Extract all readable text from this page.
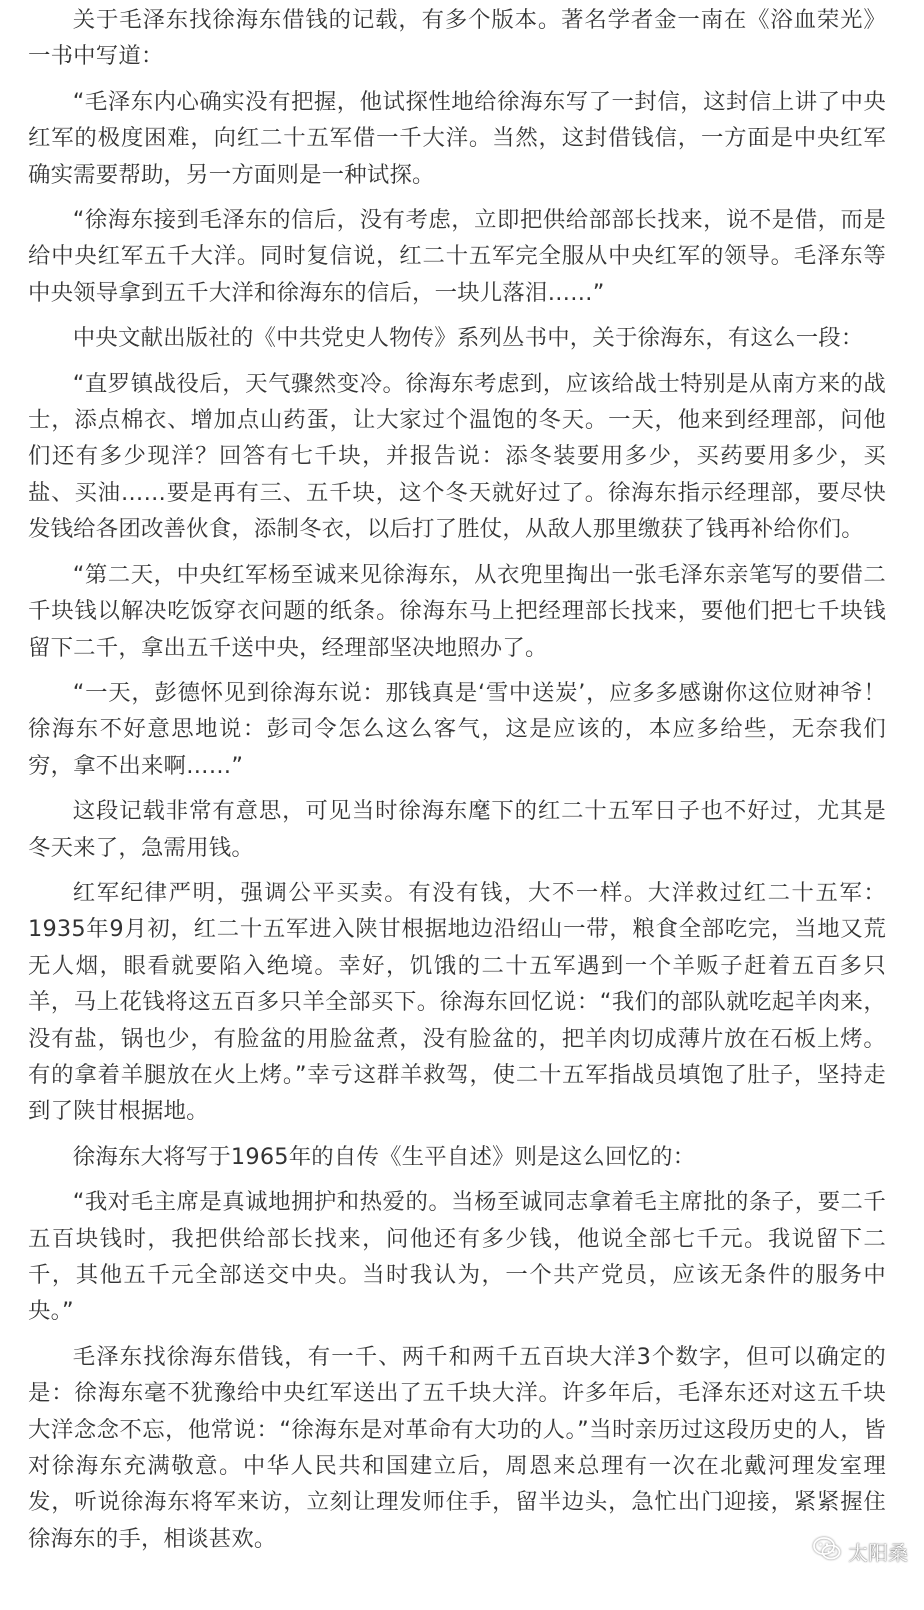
关于毛泽东找徐海东借钱的记载，有多个版本。著名学者金一南在《浴血荣光》一书中写道：

“毛泽东内心确实没有把握，他试探性地给徐海东写了一封信，这封信上讲了中央红军的极度困难，向红二十五军借一千大洋。当然，这封借钱信，一方面是中央红军确实需要帮助，另一方面则是一种试探。

“徐海东接到毛泽东的信后，没有考虑，立即把供给部部长找来，说不是借，而是给中央红军五千大洋。同时复信说，红二十五军完全服从中央红军的领导。毛泽东等中央领导拿到五千大洋和徐海东的信后，一块儿落泪……”

中央文献出版社的《中共党史人物传》系列丛书中，关于徐海东，有这么一段：

“直罗镇战役后，天气骤然变冷。徐海东考虑到，应该给战士特别是从南方来的战士，添点棉衣、增加点山药蛋，让大家过个温饱的冬天。一天，他来到经理部，问他们还有多少现洋？回答有七千块，并报告说：添冬装要用多少，买药要用多少，买盐、买油……要是再有三、五千块，这个冬天就好过了。徐海东指示经理部，要尽快发钱给各团改善伙食，添制冬衣，以后打了胜仗，从敌人那里缴获了钱再补给你们。

“第二天，中央红军杨至诚来见徐海东，从衣兜里掏出一张毛泽东亲笔写的要借二千块钱以解决吃饭穿衣问题的纸条。徐海东马上把经理部长找来，要他们把七千块钱留下二千，拿出五千送中央，经理部坚决地照办了。

“一天，彭德怀见到徐海东说：那钱真是‘雪中送炭’，应多多感谢你这位财神爷！徐海东不好意思地说：彭司令怎么这么客气，这是应该的，本应多给些，无奈我们穷，拿不出来啊……”

这段记载非常有意思，可见当时徐海东麾下的红二十五军日子也不好过，尤其是冬天来了，急需用钱。

红军纪律严明，强调公平买卖。有没有钱，大不一样。大洋救过红二十五军：1935年9月初，红二十五军进入陕甘根据地边沿绍山一带，粮食全部吃完，当地又荒无人烟，眼看就要陷入绝境。幸好，饥饿的二十五军遇到一个羊贩子赶着五百多只羊，马上花钱将这五百多只羊全部买下。徐海东回忆说：“我们的部队就吃起羊肉来，没有盐，锅也少，有脸盆的用脸盆煮，没有脸盆的，把羊肉切成薄片放在石板上烤。有的拿着羊腿放在火上烤。”幸亏这群羊救驾，使二十五军指战员填饱了肚子，坚持走到了陕甘根据地。

徐海东大将写于1965年的自传《生平自述》则是这么回忆的：

“我对毛主席是真诚地拥护和热爱的。当杨至诚同志拿着毛主席批的条子，要二千五百块钱时，我把供给部长找来，问他还有多少钱，他说全部七千元。我说留下二千，其他五千元全部送交中央。当时我认为，一个共产党员，应该无条件的服务中央。”

毛泽东找徐海东借钱，有一千、两千和两千五百块大洋3个数字，但可以确定的是：徐海东毫不犹豫给中央红军送出了五千块大洋。许多年后，毛泽东还对这五千块大洋念念不忘，他常说：“徐海东是对革命有大功的人。”当时亲历过这段历史的人，皆对徐海东充满敬意。中华人民共和国建立后，周恩来总理有一次在北戴河理发室理发，听说徐海东将军来访，立刻让理发师住手，留半边头，急忙出门迎接，紧紧握住徐海东的手，相谈甚欢。

太阳桑
